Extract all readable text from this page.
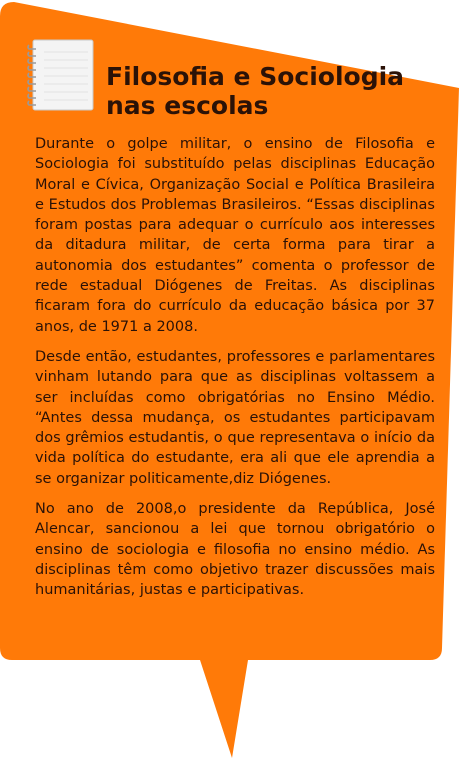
Filosofia e Sociologia nas escolas

Durante o golpe militar, o ensino de Filosofia e Sociologia foi substituído pelas disciplinas Educação Moral e Cívica, Organização Social e Política Brasileira e Estudos dos Problemas Brasileiros. “Essas disciplinas foram postas para adequar o currículo aos interesses da ditadura militar, de certa forma para tirar a autonomia dos estudantes” comenta o professor de rede estadual Diógenes de Freitas. As disciplinas ficaram fora do currículo da educação básica por 37 anos, de 1971 a 2008.

Desde então, estudantes, professores e parlamentares vinham lutando para que as disciplinas voltassem a ser incluídas como obrigatórias no Ensino Médio. “Antes dessa mudança, os estudantes participavam dos grêmios estudantis, o que representava o início da vida política do estudante, era ali que ele aprendia a se organizar politicamente,diz Diógenes.

No ano de 2008,o presidente da República, José Alencar, sancionou a lei que tornou obrigatório o ensino de sociologia e filosofia no ensino médio. As disciplinas têm como objetivo trazer discussões mais humanitárias, justas e participativas.
